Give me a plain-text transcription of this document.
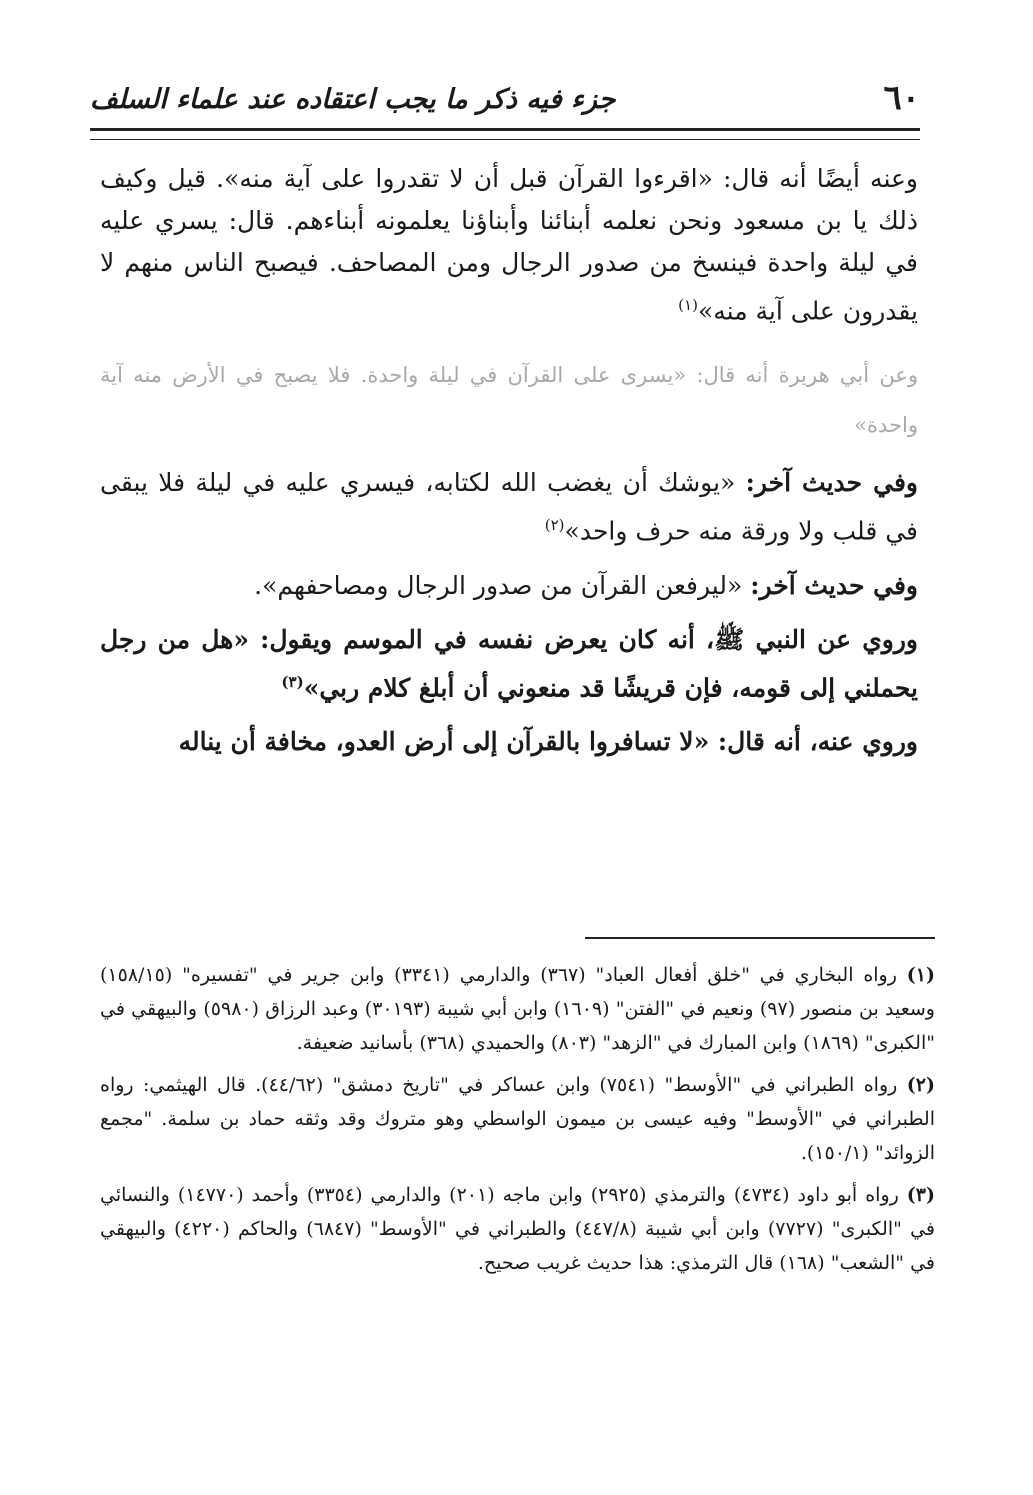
٦٠
جزء فيه ذكر ما يجب اعتقاده عند علماء السلف

وعنه أيضًا أنه قال: «اقرءوا القرآن قبل أن لا تقدروا على آية منه». قيل وكيف ذلك يا بن مسعود ونحن نعلمه أبنائنا وأبناؤنا يعلمونه أبناءهم. قال: يسري عليه في ليلة واحدة فينسخ من صدور الرجال ومن المصاحف. فيصبح الناس منهم لا يقدرون على آية منه»$^{(١)}$

وعن أبي هريرة أنه قال: «يسرى على القرآن في ليلة واحدة. فلا يصبح في الأرض منه آية واحدة»

وفي حديث آخر: «يوشك أن يغضب الله لكتابه، فيسري عليه في ليلة فلا يبقى في قلب ولا ورقة منه حرف واحد»$^{(٢)}$

وفي حديث آخر: «ليرفعن القرآن من صدور الرجال ومصاحفهم».

وروي عن النبي ﷺ، أنه كان يعرض نفسه في الموسم ويقول: «هل من رجل يحملني إلى قومه، فإن قريشًا قد منعوني أن أبلغ كلام ربي»$^{(٣)}$

وروي عنه، أنه قال: «لا تسافروا بالقرآن إلى أرض العدو، مخافة أن يناله

(١) رواه البخاري في "خلق أفعال العباد" (٣٦٧) والدارمي (٣٣٤١) وابن جرير في "تفسيره" (١٥٨/١٥) وسعيد بن منصور (٩٧) ونعيم في "الفتن" (١٦٠٩) وابن أبي شيبة (٣٠١٩٣) وعبد الرزاق (٥٩٨٠) والبيهقي في "الكبرى" (١٨٦٩) وابن المبارك في "الزهد" (٨٠٣) والحميدي (٣٦٨) بأسانيد ضعيفة.

(٢) رواه الطبراني في "الأوسط" (٧٥٤١) وابن عساكر في "تاريخ دمشق" (٤٤/٦٢). قال الهيثمي: رواه الطبراني في "الأوسط" وفيه عيسى بن ميمون الواسطي وهو متروك وقد وثقه حماد بن سلمة. "مجمع الزوائد" (١٥٠/١).

(٣) رواه أبو داود (٤٧٣٤) والترمذي (٢٩٢٥) وابن ماجه (٢٠١) والدارمي (٣٣٥٤) وأحمد (١٤٧٧٠) والنسائي في "الكبرى" (٧٧٢٧) وابن أبي شيبة (٤٤٧/٨) والطبراني في "الأوسط" (٦٨٤٧) والحاكم (٤٢٢٠) والبيهقي في "الشعب" (١٦٨) قال الترمذي: هذا حديث غريب صحيح.
